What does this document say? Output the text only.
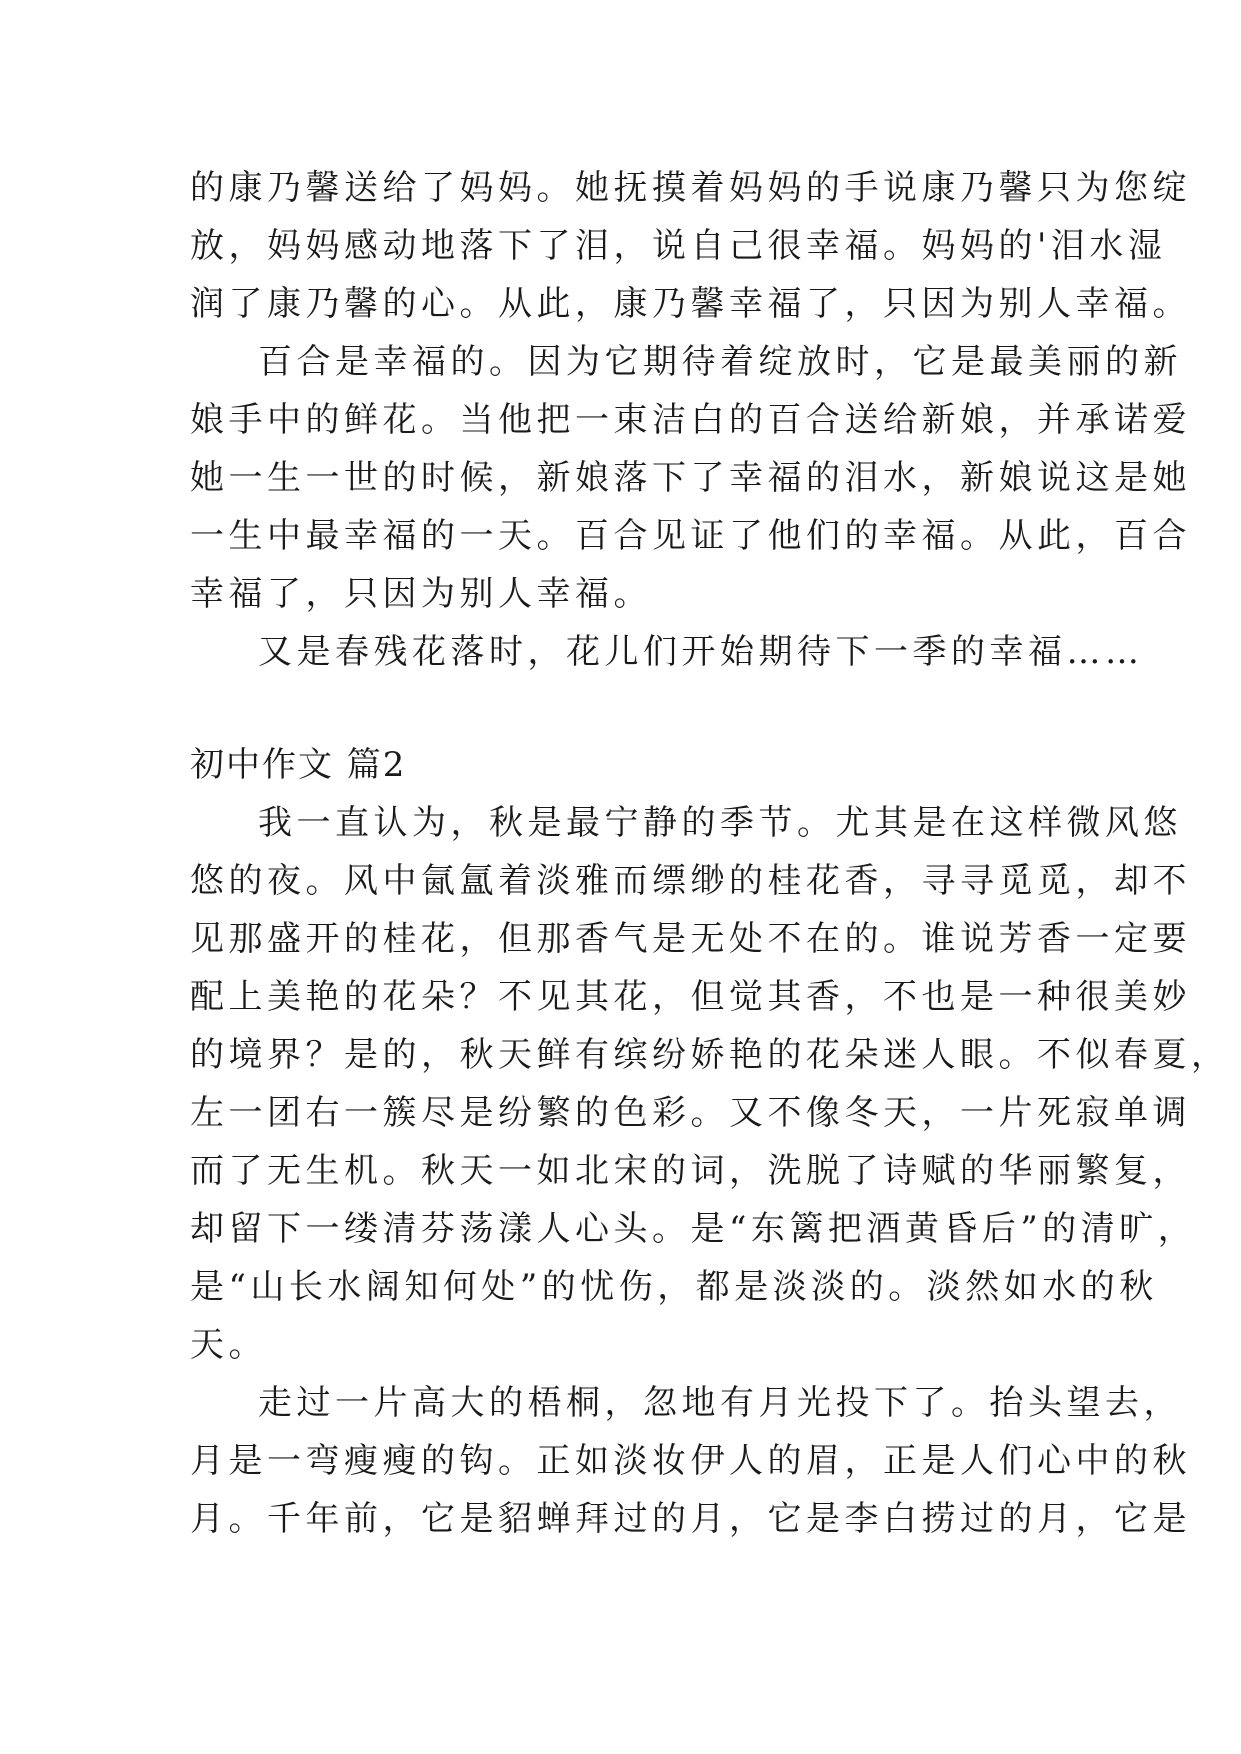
的康乃馨送给了妈妈。她抚摸着妈妈的手说康乃馨只为您绽
放，妈妈感动地落下了泪，说自己很幸福。妈妈的'泪水湿
润了康乃馨的心。从此，康乃馨幸福了，只因为别人幸福。
百合是幸福的。因为它期待着绽放时，它是最美丽的新
娘手中的鲜花。当他把一束洁白的百合送给新娘，并承诺爱
她一生一世的时候，新娘落下了幸福的泪水，新娘说这是她
一生中最幸福的一天。百合见证了他们的幸福。从此，百合
幸福了，只因为别人幸福。
又是春残花落时，花儿们开始期待下一季的幸福……
初中作文 篇2
我一直认为，秋是最宁静的季节。尤其是在这样微风悠
悠的夜。风中氤氲着淡雅而缥缈的桂花香，寻寻觅觅，却不
见那盛开的桂花，但那香气是无处不在的。谁说芳香一定要
配上美艳的花朵？不见其花，但觉其香，不也是一种很美妙
的境界？是的，秋天鲜有缤纷娇艳的花朵迷人眼。不似春夏，
左一团右一簇尽是纷繁的色彩。又不像冬天，一片死寂单调
而了无生机。秋天一如北宋的词，洗脱了诗赋的华丽繁复，
却留下一缕清芬荡漾人心头。是“东篱把酒黄昏后”的清旷，
是“山长水阔知何处”的忧伤，都是淡淡的。淡然如水的秋
天。
走过一片高大的梧桐，忽地有月光投下了。抬头望去，
月是一弯瘦瘦的钩。正如淡妆伊人的眉，正是人们心中的秋
月。千年前，它是貂蝉拜过的月，它是李白捞过的月，它是
